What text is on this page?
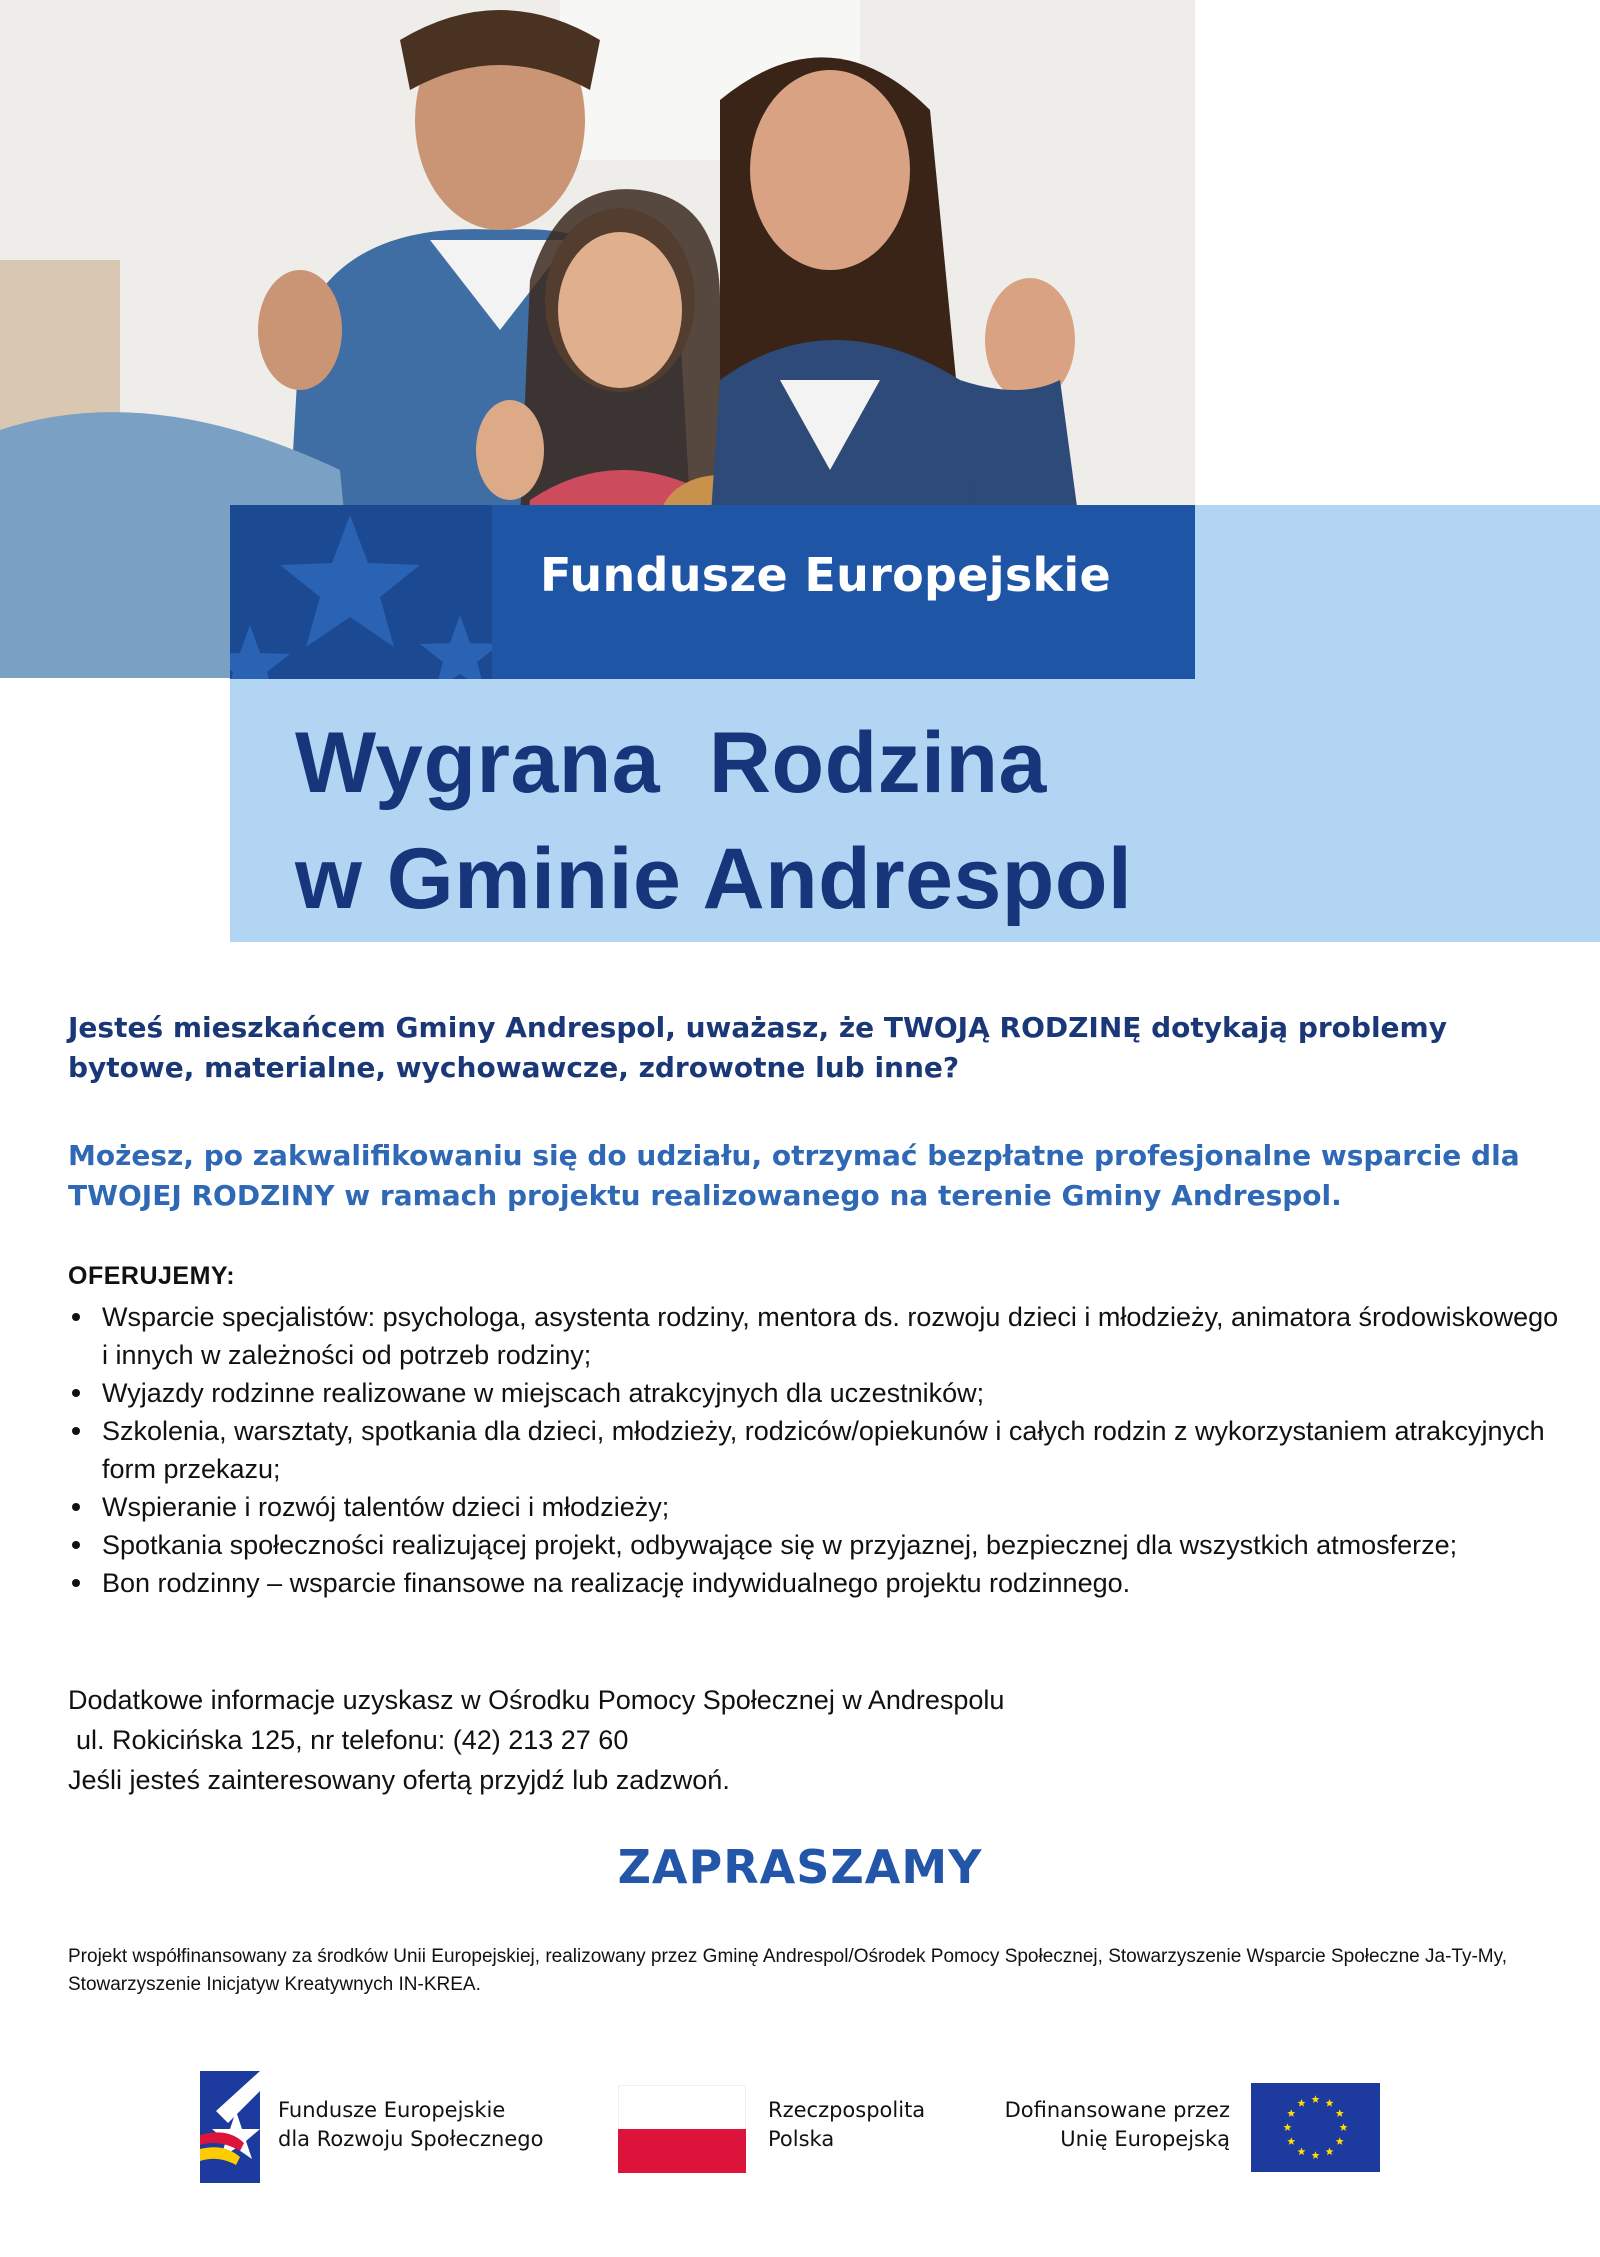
Fundusze Europejskie
Wygrana  Rodzina
w Gminie Andrespol
Jesteś mieszkańcem Gminy Andrespol, uważasz, że TWOJĄ RODZINĘ dotykają problemy bytowe, materialne, wychowawcze, zdrowotne lub inne?
Możesz, po zakwalifikowaniu się do udziału, otrzymać bezpłatne profesjonalne wsparcie dla TWOJEJ RODZINY w ramach projektu realizowanego na terenie Gminy Andrespol.
OFERUJEMY:
Wsparcie specjalistów: psychologa, asystenta rodziny, mentora ds. rozwoju dzieci i młodzieży, animatora środowiskowego i innych w zależności od potrzeb rodziny;
Wyjazdy rodzinne realizowane w miejscach atrakcyjnych dla uczestników;
Szkolenia, warsztaty, spotkania dla dzieci, młodzieży, rodziców/opiekunów i całych rodzin z wykorzystaniem atrakcyjnych form przekazu;
Wspieranie i rozwój talentów dzieci i młodzieży;
Spotkania społeczności realizującej projekt, odbywające się w przyjaznej, bezpiecznej dla wszystkich atmosferze;
Bon rodzinny – wsparcie finansowe na realizację indywidualnego projektu rodzinnego.
Dodatkowe informacje uzyskasz w Ośrodku Pomocy Społecznej w Andrespolu
ul. Rokicińska 125, nr telefonu: (42) 213 27 60
Jeśli jesteś zainteresowany ofertą przyjdź lub zadzwoń.
ZAPRASZAMY
Projekt współfinansowany za środków Unii Europejskiej, realizowany przez Gminę Andrespol/Ośrodek Pomocy Społecznej, Stowarzyszenie Wsparcie Społeczne Ja-Ty-My, Stowarzyszenie Inicjatyw Kreatywnych IN-KREA.
Fundusze Europejskie
dla Rozwoju Społecznego
Rzeczpospolita
Polska
Dofinansowane przez
Unię Europejską
